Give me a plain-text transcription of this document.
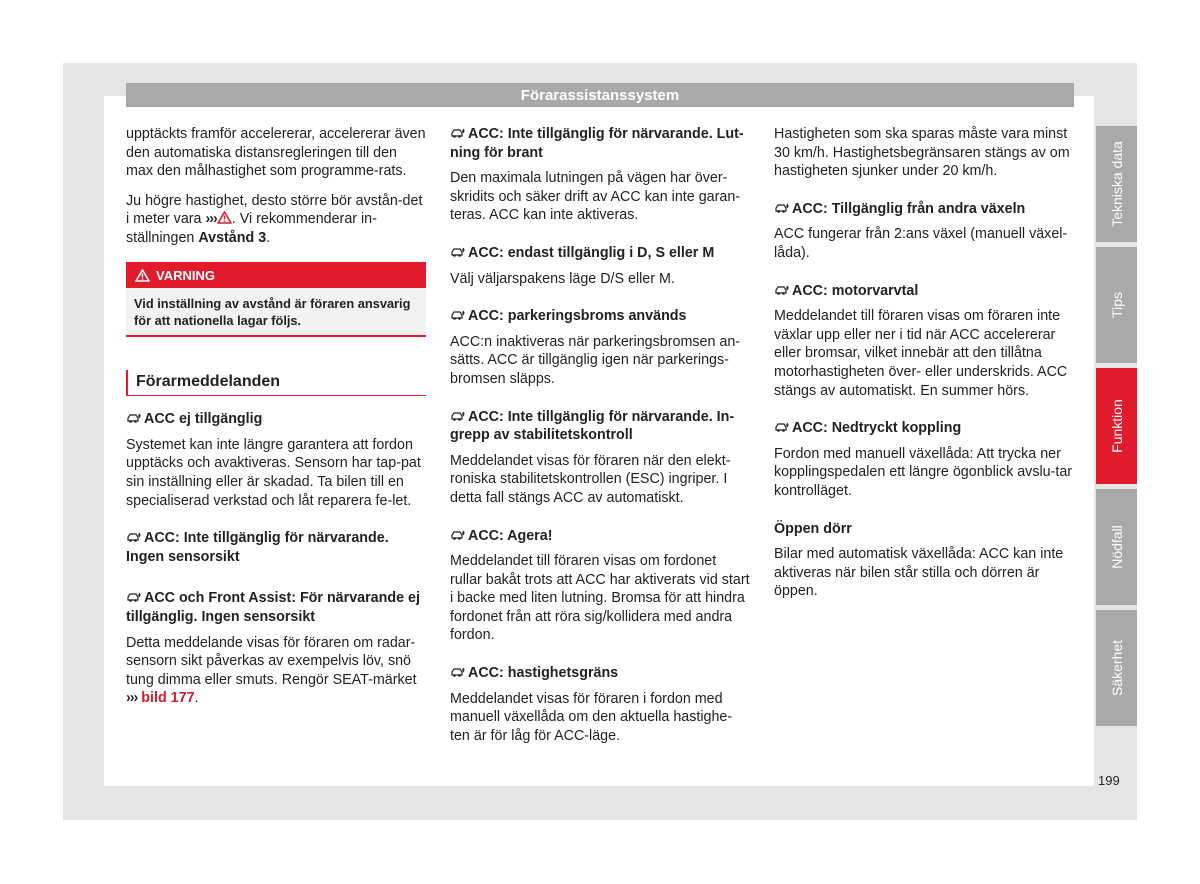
Förarassistanssystem

upptäckts framför accelererar, accelererar även den automatiska distansregleringen till den max den målhastighet som programme-rats.

Ju högre hastighet, desto större bör avstån-det i meter vara ››› . Vi rekommenderar in-ställningen Avstånd 3.

VARNING
Vid inställning av avstånd är föraren ansvarig för att nationella lagar följs.
Förarmeddelanden
ACC ej tillgänglig

Systemet kan inte längre garantera att fordon upptäcks och avaktiveras. Sensorn har tap-pat sin inställning eller är skadad. Ta bilen till en specialiserad verkstad och låt reparera fe-let.

ACC: Inte tillgänglig för närvarande. Ingen sensorsikt
ACC och Front Assist: För närvarande ej tillgänglig. Ingen sensorsikt

Detta meddelande visas för föraren om radar-sensorn sikt påverkas av exempelvis löv, snö tung dimma eller smuts. Rengör SEAT-märket
››› bild 177.

ACC: Inte tillgänglig för närvarande. Lut-ning för brant

Den maximala lutningen på vägen har över-skridits och säker drift av ACC kan inte garan-teras. ACC kan inte aktiveras.

ACC: endast tillgänglig i D, S eller M

Välj väljarspakens läge D/S eller M.

ACC: parkeringsbroms används

ACC:n inaktiveras när parkeringsbromsen an-sätts. ACC är tillgänglig igen när parkerings-bromsen släpps.

ACC: Inte tillgänglig för närvarande. In-grepp av stabilitetskontroll

Meddelandet visas för föraren när den elekt-roniska stabilitetskontrollen (ESC) ingriper. I detta fall stängs ACC av automatiskt.

ACC: Agera!

Meddelandet till föraren visas om fordonet rullar bakåt trots att ACC har aktiverats vid start i backe med liten lutning. Bromsa för att hindra fordonet från att röra sig/kollidera med andra fordon.

ACC: hastighetsgräns

Meddelandet visas för föraren i fordon med manuell växellåda om den aktuella hastighe-ten är för låg för ACC-läge.

Hastigheten som ska sparas måste vara minst 30 km/h. Hastighetsbegränsaren stängs av om hastigheten sjunker under 20 km/h.

ACC: Tillgänglig från andra växeln

ACC fungerar från 2:ans växel (manuell växel-låda).

ACC: motorvarvtal

Meddelandet till föraren visas om föraren inte växlar upp eller ner i tid när ACC accelererar eller bromsar, vilket innebär att den tillåtna motorhastigheten över- eller underskrids. ACC stängs av automatiskt. En summer hörs.

ACC: Nedtryckt koppling

Fordon med manuell växellåda: Att trycka ner kopplingspedalen ett längre ögonblick avslu-tar kontrolläget.

Öppen dörr

Bilar med automatisk växellåda: ACC kan inte aktiveras när bilen står stilla och dörren är öppen.

Tekniska data
Tips
Funktion
Nödfall
Säkerhet
199
